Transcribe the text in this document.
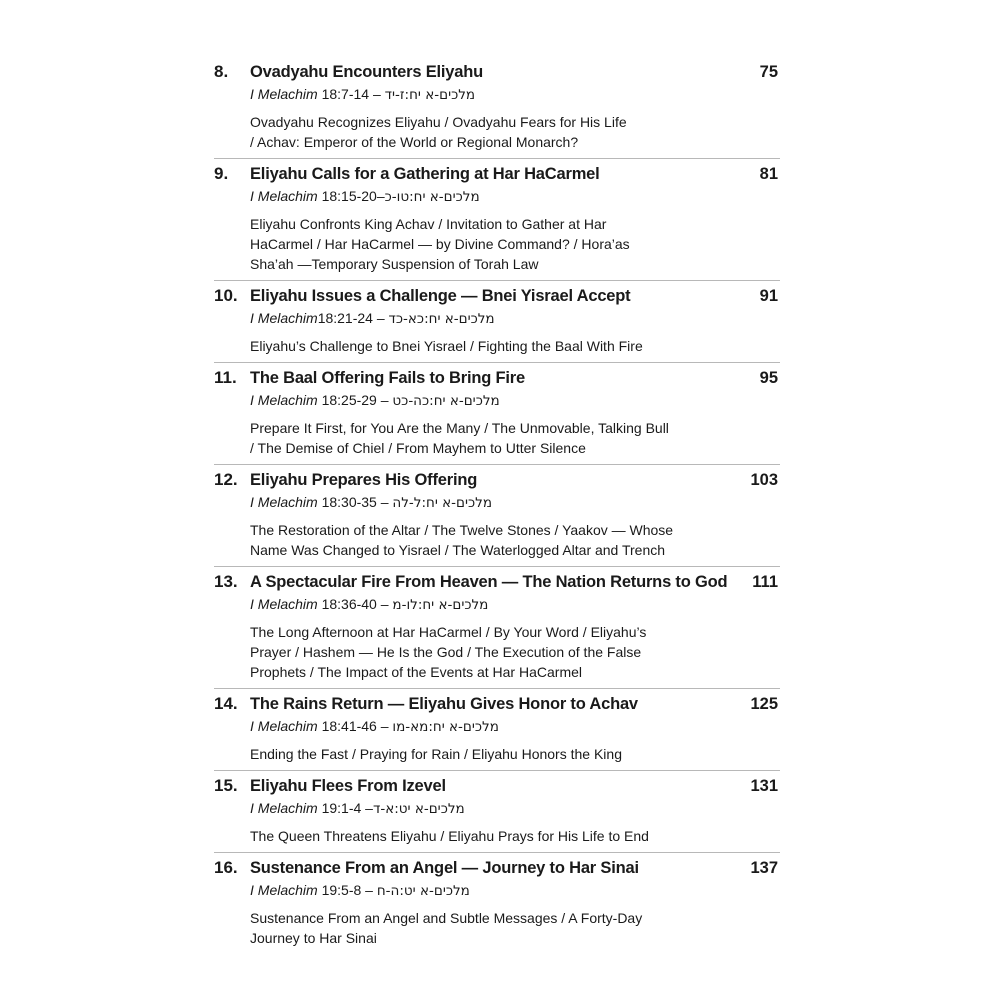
8.	Ovadyahu Encounters Eliyahu	75
I Melachim 18:7-14 – מלכים-א יח:ז-יד
Ovadyahu Recognizes Eliyahu / Ovadyahu Fears for His Life
/ Achav: Emperor of the World or Regional Monarch?
9.	Eliyahu Calls for a Gathering at Har HaCarmel	81
I Melachim 18:15-20–מלכים-א יח:טו-כ
Eliyahu Confronts King Achav / Invitation to Gather at Har
HaCarmel / Har HaCarmel — by Divine Command? / Hora’as
Sha’ah —Temporary Suspension of Torah Law
10. Eliyahu Issues a Challenge — Bnei Yisrael Accept	91
I Melachim18:21-24 – מלכים-א יח:כא-כד
Eliyahu’s Challenge to Bnei Yisrael / Fighting the Baal With Fire
11. The Baal Offering Fails to Bring Fire	95
I Melachim 18:25-29 – מלכים-א יח:כה-כט
Prepare It First, for You Are the Many / The Unmovable, Talking Bull
/ The Demise of Chiel / From Mayhem to Utter Silence
12. Eliyahu Prepares His Offering	103
I Melachim 18:30-35 – מלכים-א יח:ל-לה
The Restoration of the Altar / The Twelve Stones / Yaakov — Whose
Name Was Changed to Yisrael / The Waterlogged Altar and Trench
13. A Spectacular Fire From Heaven — The Nation Returns to God	111
I Melachim 18:36-40 – מלכים-א יח:לו-מ
The Long Afternoon at Har HaCarmel / By Your Word / Eliyahu’s
Prayer / Hashem — He Is the God / The Execution of the False
Prophets / The Impact of the Events at Har HaCarmel
14. The Rains Return — Eliyahu Gives Honor to Achav	125
I Melachim 18:41-46 – מלכים-א יח:מא-מו
Ending the Fast / Praying for Rain / Eliyahu Honors the King
15. Eliyahu Flees From Izevel	131
I Melachim 19:1-4 –מלכים-א יט:א-ד
The Queen Threatens Eliyahu / Eliyahu Prays for His Life to End
16. Sustenance From an Angel — Journey to Har Sinai	137
I Melachim 19:5-8 – מלכים-א יט:ה-ח
Sustenance From an Angel and Subtle Messages / A Forty-Day
Journey to Har Sinai
